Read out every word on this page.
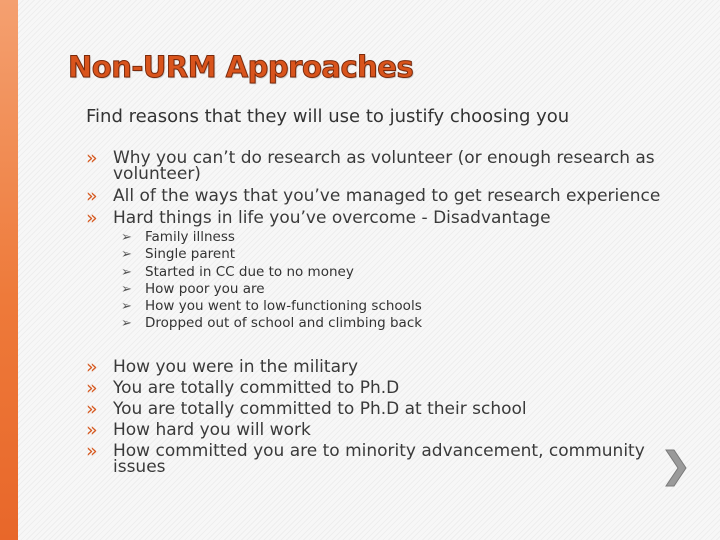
Non-URM Approaches

Find reasons that they will use to justify choosing you

» Why you can’t do research as volunteer (or enough research as volunteer)
» All of the ways that you’ve managed to get research experience
» Hard things in life you’ve overcome - Disadvantage
➢ Family illness
➢ Single parent
➢ Started in CC due to no money
➢ How poor you are
➢ How you went to low-functioning schools
➢ Dropped out of school and climbing back
» How you were in the military
» You are totally committed to Ph.D
» You are totally committed to Ph.D at their school
» How hard you will work
» How committed you are to minority advancement, community issues
